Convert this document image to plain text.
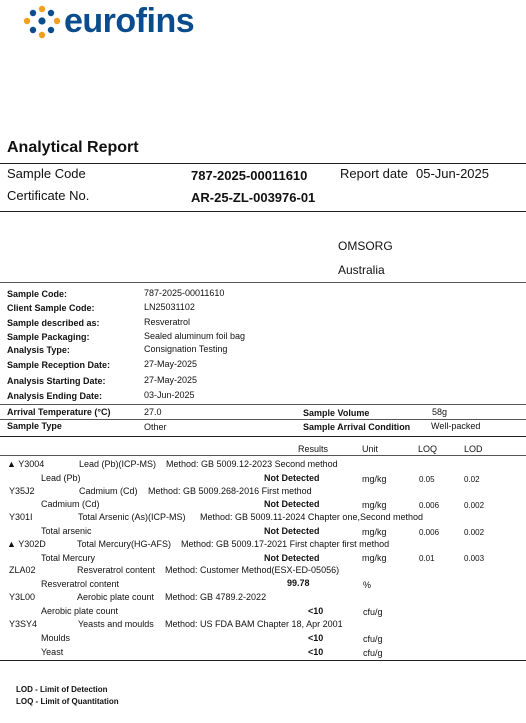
eurofins
Analytical Report
Sample Code	787-2025-00011610	Report date 05-Jun-2025
Certificate No.	AR-25-ZL-003976-01
OMSORG
Australia
Sample Code:	787-2025-00011610
Client Sample Code:	LN25031102
Sample described as:	Resveratrol
Sample Packaging:	Sealed aluminum foil bag
Analysis Type:	Consignation Testing
Sample Reception Date:	27-May-2025
Analysis Starting Date:	27-May-2025
Analysis Ending Date:	03-Jun-2025
Arrival Temperature (°C)	27.0	Sample Volume	58g
Sample Type	Other	Sample Arrival Condition Well-packed
Results	Unit	LOQ	LOD
▲ Y3004	Lead (Pb)(ICP-MS) Method: GB 5009.12-2023 Second method
Lead (Pb)	Not Detected	mg/kg	0.05	0.02
Y35J2	Cadmium (Cd) Method: GB 5009.268-2016 First method
Cadmium (Cd)	Not Detected	mg/kg	0.006	0.002
Y301I	Total Arsenic (As)(ICP-MS) Method: GB 5009.11-2024 Chapter one,Second method
Total arsenic	Not Detected	mg/kg	0.006	0.002
▲ Y302D	Total Mercury(HG-AFS) Method: GB 5009.17-2021 First chapter first method
Total Mercury	Not Detected	mg/kg	0.01	0.003
ZLA02	Resveratrol content Method: Customer Method(ESX-ED-05056)
Resveratrol content	99.78	%
Y3L00	Aerobic plate count Method: GB 4789.2-2022
Aerobic plate count	<10	cfu/g
Y3SY4	Yeasts and moulds Method: US FDA BAM Chapter 18, Apr 2001
Moulds	<10	cfu/g
Yeast	<10	cfu/g
LOD - Limit of Detection
LOQ - Limit of Quantitation
